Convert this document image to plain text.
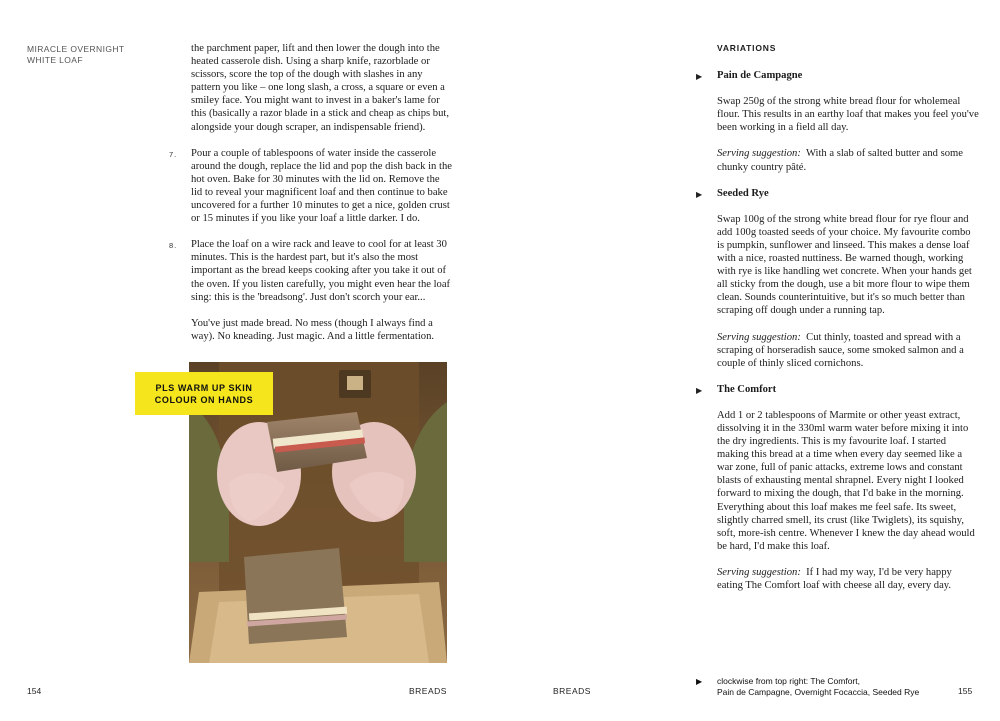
MIRACLE OVERNIGHT
WHITE LOAF

the parchment paper, lift and then lower the dough into the heated casserole dish. Using a sharp knife, razorblade or scissors, score the top of the dough with slashes in any pattern you like – one long slash, a cross, a square or even a smiley face. You might want to invest in a baker's lame for this (basically a razor blade in a stick and cheap as chips but, alongside your dough scraper, an indispensable friend).

7. Pour a couple of tablespoons of water inside the casserole around the dough, replace the lid and pop the dish back in the hot oven. Bake for 30 minutes with the lid on. Remove the lid to reveal your magnificent loaf and then continue to bake uncovered for a further 10 minutes to get a nice, golden crust or 15 minutes if you like your loaf a little darker. I do.

8. Place the loaf on a wire rack and leave to cool for at least 30 minutes. This is the hardest part, but it's also the most important as the bread keeps cooking after you take it out of the oven. If you listen carefully, you might even hear the loaf sing: this is the 'breadsong'. Just don't scorch your ear...

You've just made bread. No mess (though I always find a way). No kneading. Just magic. And a little fermentation.

PLS WARM UP SKIN
COLOUR ON HANDS
154	BREADS
VARIATIONS
▶ Pain de Campagne

Swap 250g of the strong white bread flour for wholemeal flour. This results in an earthy loaf that makes you feel you've been working in a field all day.

Serving suggestion: With a slab of salted butter and some chunky country pâté.

▶ Seeded Rye

Swap 100g of the strong white bread flour for rye flour and add 100g toasted seeds of your choice. My favourite combo is pumpkin, sunflower and linseed. This makes a dense loaf with a nice, roasted nuttiness. Be warned though, working with rye is like handling wet concrete. When your hands get all sticky from the dough, use a bit more flour to wipe them clean. Sounds counterintuitive, but it's so much better than scraping off dough under a running tap.

Serving suggestion: Cut thinly, toasted and spread with a scraping of horseradish sauce, some smoked salmon and a couple of thinly sliced cornichons.

▶ The Comfort

Add 1 or 2 tablespoons of Marmite or other yeast extract, dissolving it in the 330ml warm water before mixing it into the dry ingredients. This is my favourite loaf. I started making this bread at a time when every day seemed like a war zone, full of panic attacks, extreme lows and constant blasts of exhausting mental shrapnel. Every night I looked forward to mixing the dough, that I'd bake in the morning. Everything about this loaf makes me feel safe. Its sweet, slightly charred smell, its crust (like Twiglets), its squishy, soft, more-ish centre. Whenever I knew the day ahead would be hard, I'd make this loaf.

Serving suggestion: If I had my way, I'd be very happy eating The Comfort loaf with cheese all day, every day.

▶ clockwise from top right: The Comfort,
Pain de Campagne, Overnight Focaccia, Seeded Rye
BREADS	155
